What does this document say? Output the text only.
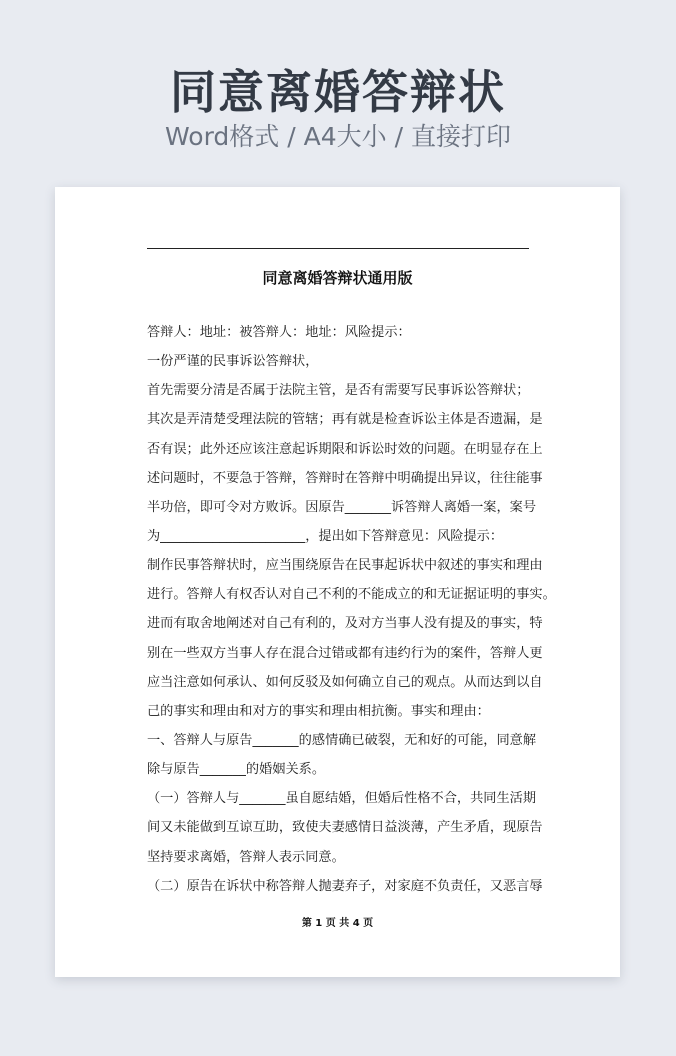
同意离婚答辩状
Word格式 / A4大小 / 直接打印
同意离婚答辩状通用版
答辩人：地址：被答辩人：地址：风险提示：
一份严谨的民事诉讼答辩状，
首先需要分清是否属于法院主管，是否有需要写民事诉讼答辩状；
其次是弄清楚受理法院的管辖；再有就是检查诉讼主体是否遗漏，是
否有误；此外还应该注意起诉期限和诉讼时效的问题。在明显存在上
述问题时，不要急于答辩，答辩时在答辩中明确提出异议，往往能事
半功倍，即可令对方败诉。因原告_______诉答辩人离婚一案，案号
为______________________，提出如下答辩意见：风险提示：
制作民事答辩状时，应当围绕原告在民事起诉状中叙述的事实和理由
进行。答辩人有权否认对自己不利的不能成立的和无证据证明的事实。
进而有取舍地阐述对自己有利的，及对方当事人没有提及的事实，特
别在一些双方当事人存在混合过错或都有违约行为的案件，答辩人更
应当注意如何承认、如何反驳及如何确立自己的观点。从而达到以自
己的事实和理由和对方的事实和理由相抗衡。事实和理由：
一、答辩人与原告_______的感情确已破裂，无和好的可能，同意解
除与原告_______的婚姻关系。
（一）答辩人与_______虽自愿结婚，但婚后性格不合，共同生活期
间又未能做到互谅互助，致使夫妻感情日益淡薄，产生矛盾，现原告
坚持要求离婚，答辩人表示同意。
（二）原告在诉状中称答辩人抛妻弃子，对家庭不负责任，又恶言辱
第 1 页 共 4 页
